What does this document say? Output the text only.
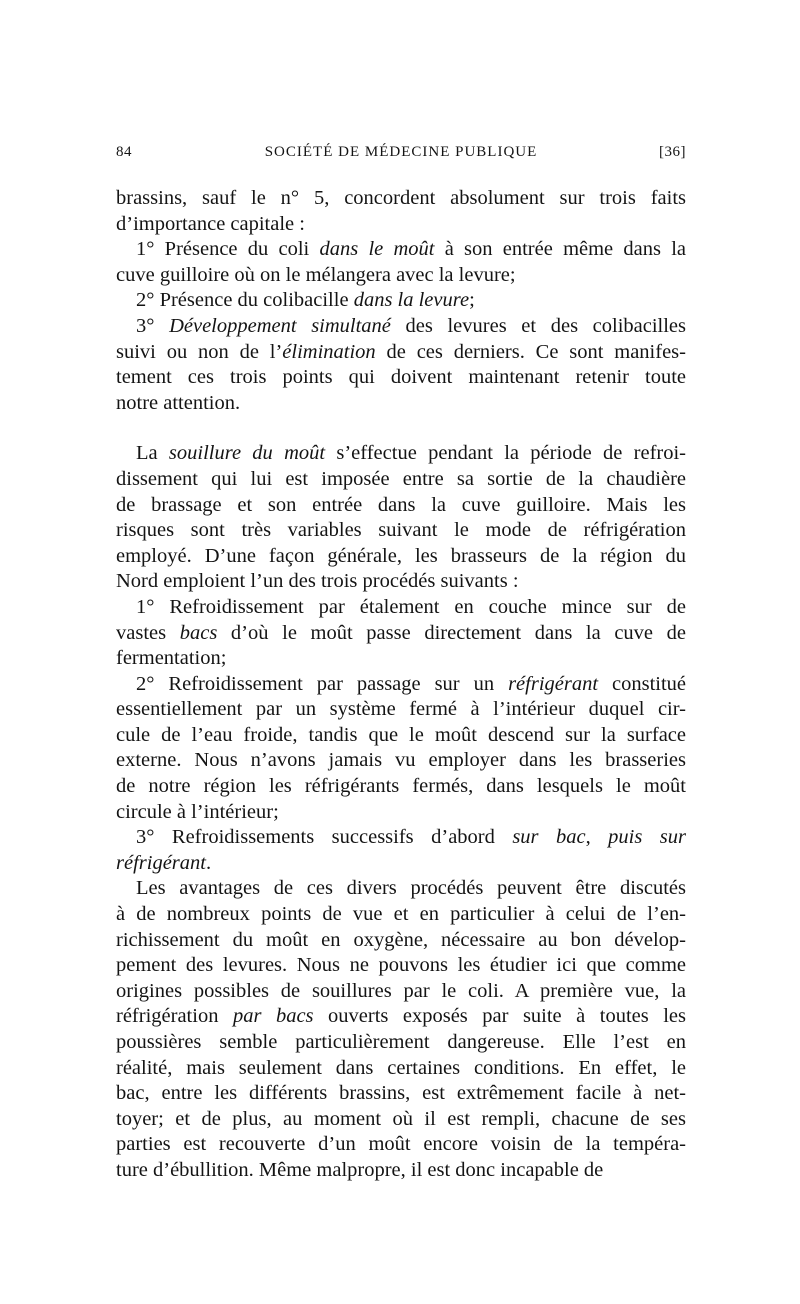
84	SOCIÉTÉ DE MÉDECINE PUBLIQUE	[36]
brassins, sauf le n° 5, concordent absolument sur trois faits
d’importance capitale :
1° Présence du coli dans le moût à son entrée même dans la
cuve guilloire où on le mélangera avec la levure;
2° Présence du colibacille dans la levure;
3° Développement simultané des levures et des colibacilles
suivi ou non de l’élimination de ces derniers. Ce sont manifes-
tement ces trois points qui doivent maintenant retenir toute
notre attention.
La souillure du moût s’effectue pendant la période de refroi-
dissement qui lui est imposée entre sa sortie de la chaudière
de brassage et son entrée dans la cuve guilloire. Mais les
risques sont très variables suivant le mode de réfrigération
employé. D’une façon générale, les brasseurs de la région du
Nord emploient l’un des trois procédés suivants :
1° Refroidissement par étalement en couche mince sur de
vastes bacs d’où le moût passe directement dans la cuve de
fermentation;
2° Refroidissement par passage sur un réfrigérant constitué
essentiellement par un système fermé à l’intérieur duquel cir-
cule de l’eau froide, tandis que le moût descend sur la surface
externe. Nous n’avons jamais vu employer dans les brasseries
de notre région les réfrigérants fermés, dans lesquels le moût
circule à l’intérieur;
3° Refroidissements successifs d’abord sur bac, puis sur
réfrigérant.
Les avantages de ces divers procédés peuvent être discutés
à de nombreux points de vue et en particulier à celui de l’en-
richissement du moût en oxygène, nécessaire au bon dévelop-
pement des levures. Nous ne pouvons les étudier ici que comme
origines possibles de souillures par le coli. A première vue, la
réfrigération par bacs ouverts exposés par suite à toutes les
poussières semble particulièrement dangereuse. Elle l’est en
réalité, mais seulement dans certaines conditions. En effet, le
bac, entre les différents brassins, est extrêmement facile à net-
toyer; et de plus, au moment où il est rempli, chacune de ses
parties est recouverte d’un moût encore voisin de la tempéra-
ture d’ébullition. Même malpropre, il est donc incapable de
